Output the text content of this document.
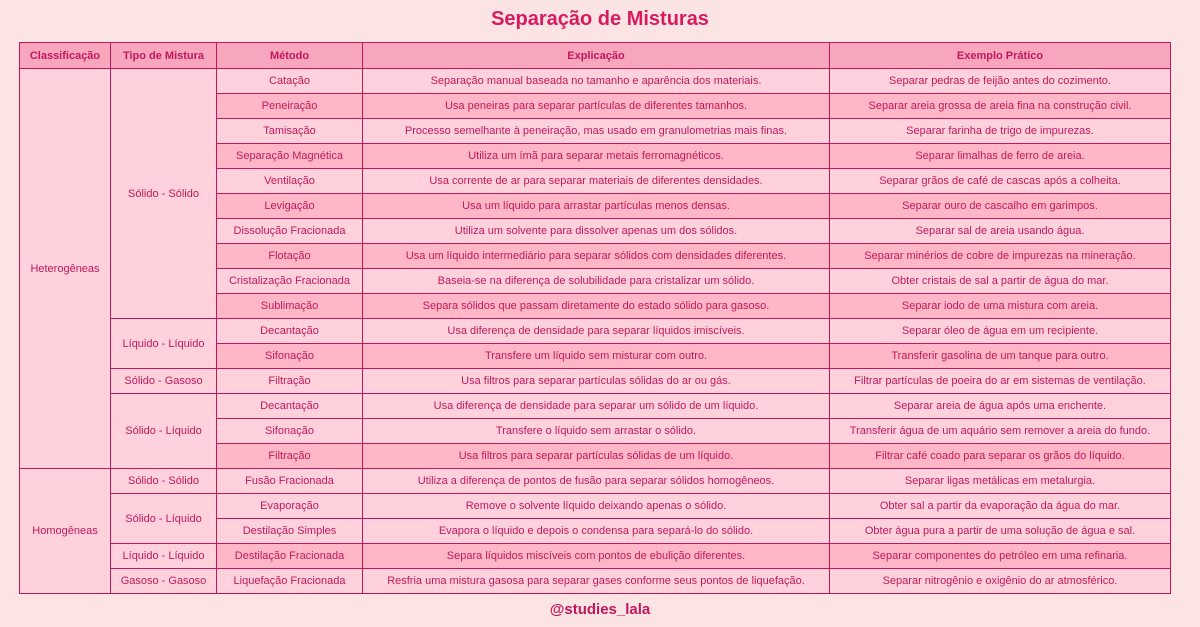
Separação de Misturas
Classificação	Tipo de Mistura	Método	Explicação	Exemplo Prático
Heterogêneas	Sólido - Sólido	Catação	Separação manual baseada no tamanho e aparência dos materiais.	Separar pedras de feijão antes do cozimento.
		Peneiração	Usa peneiras para separar partículas de diferentes tamanhos.	Separar areia grossa de areia fina na construção civil.
		Tamisação	Processo semelhante à peneiração, mas usado em granulometrias mais finas.	Separar farinha de trigo de impurezas.
		Separação Magnética	Utiliza um ímã para separar metais ferromagnéticos.	Separar limalhas de ferro de areia.
		Ventilação	Usa corrente de ar para separar materiais de diferentes densidades.	Separar grãos de café de cascas após a colheita.
		Levigação	Usa um líquido para arrastar partículas menos densas.	Separar ouro de cascalho em garimpos.
		Dissolução Fracionada	Utiliza um solvente para dissolver apenas um dos sólidos.	Separar sal de areia usando água.
		Flotação	Usa um líquido intermediário para separar sólidos com densidades diferentes.	Separar minérios de cobre de impurezas na mineração.
		Cristalização Fracionada	Baseia-se na diferença de solubilidade para cristalizar um sólido.	Obter cristais de sal a partir de água do mar.
		Sublimação	Separa sólidos que passam diretamente do estado sólido para gasoso.	Separar iodo de uma mistura com areia.
	Líquido - Líquido	Decantação	Usa diferença de densidade para separar líquidos imiscíveis.	Separar óleo de água em um recipiente.
		Sifonação	Transfere um líquido sem misturar com outro.	Transferir gasolina de um tanque para outro.
	Sólido - Gasoso	Filtração	Usa filtros para separar partículas sólidas do ar ou gás.	Filtrar partículas de poeira do ar em sistemas de ventilação.
	Sólido - Líquido	Decantação	Usa diferença de densidade para separar um sólido de um líquido.	Separar areia de água após uma enchente.
		Sifonação	Transfere o líquido sem arrastar o sólido.	Transferir água de um aquário sem remover a areia do fundo.
		Filtração	Usa filtros para separar partículas sólidas de um líquido.	Filtrar café coado para separar os grãos do líquido.
Homogêneas	Sólido - Sólido	Fusão Fracionada	Utiliza a diferença de pontos de fusão para separar sólidos homogêneos.	Separar ligas metálicas em metalurgia.
	Sólido - Líquido	Evaporação	Remove o solvente líquido deixando apenas o sólido.	Obter sal a partir da evaporação da água do mar.
		Destilação Simples	Evapora o líquido e depois o condensa para separá-lo do sólido.	Obter água pura a partir de uma solução de água e sal.
	Líquido - Líquido	Destilação Fracionada	Separa líquidos miscíveis com pontos de ebulição diferentes.	Separar componentes do petróleo em uma refinaria.
	Gasoso - Gasoso	Liquefação Fracionada	Resfria uma mistura gasosa para separar gases conforme seus pontos de liquefação.	Separar nitrogênio e oxigênio do ar atmosférico.
@studies_lala
